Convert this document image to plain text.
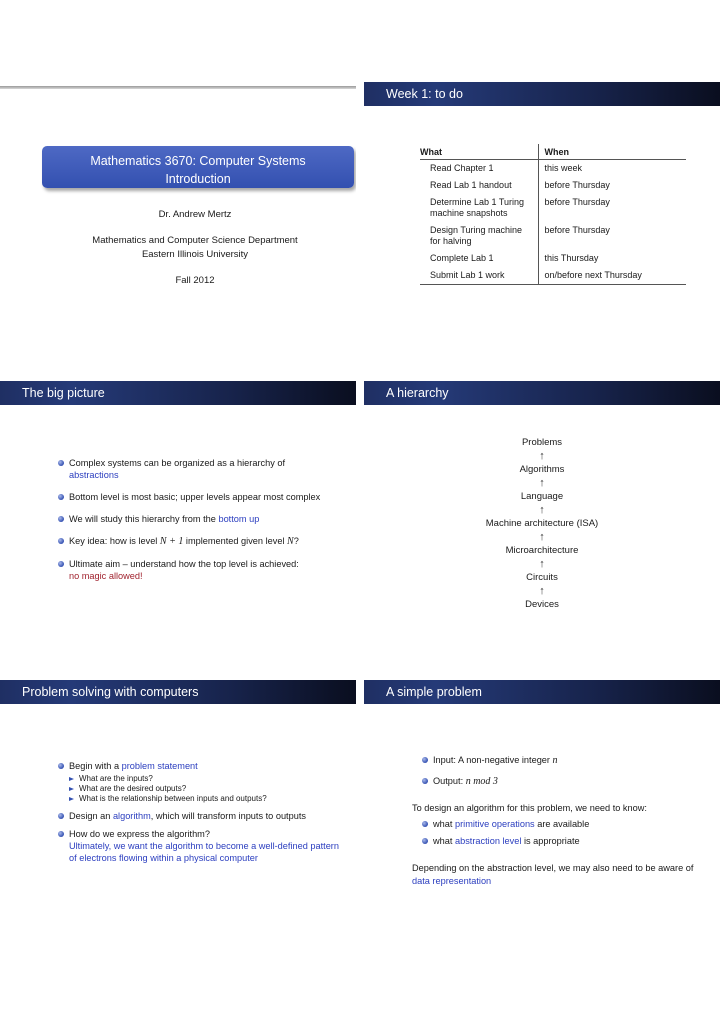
Mathematics 3670: Computer Systems
Introduction
Dr. Andrew Mertz
Mathematics and Computer Science Department
Eastern Illinois University
Fall 2012
Week 1: to do
What	When
Read Chapter 1	this week
Read Lab 1 handout	before Thursday
Determine Lab 1 Turing machine snapshots	before Thursday
Design Turing machine for halving	before Thursday
Complete Lab 1	this Thursday
Submit Lab 1 work	on/before next Thursday

The big picture
Complex systems can be organized as a hierarchy of
abstractions
Bottom level is most basic; upper levels appear most complex
We will study this hierarchy from the bottom up
Key idea: how is level N + 1 implemented given level N?
Ultimate aim – understand how the top level is achieved:
no magic allowed!
A hierarchy
Problems
↑
Algorithms
↑
Language
↑
Machine architecture (ISA)
↑
Microarchitecture
↑
Circuits
↑
Devices
Problem solving with computers
Begin with a problem statement
What are the inputs?
What are the desired outputs?
What is the relationship between inputs and outputs?
Design an algorithm, which will transform inputs to outputs
How do we express the algorithm?
Ultimately, we want the algorithm to become a well-defined pattern of electrons flowing within a physical computer
A simple problem
Input: A non-negative integer n
Output: n mod 3
To design an algorithm for this problem, we need to know:
what primitive operations are available
what abstraction level is appropriate
Depending on the abstraction level, we may also need to be aware of
data representation
